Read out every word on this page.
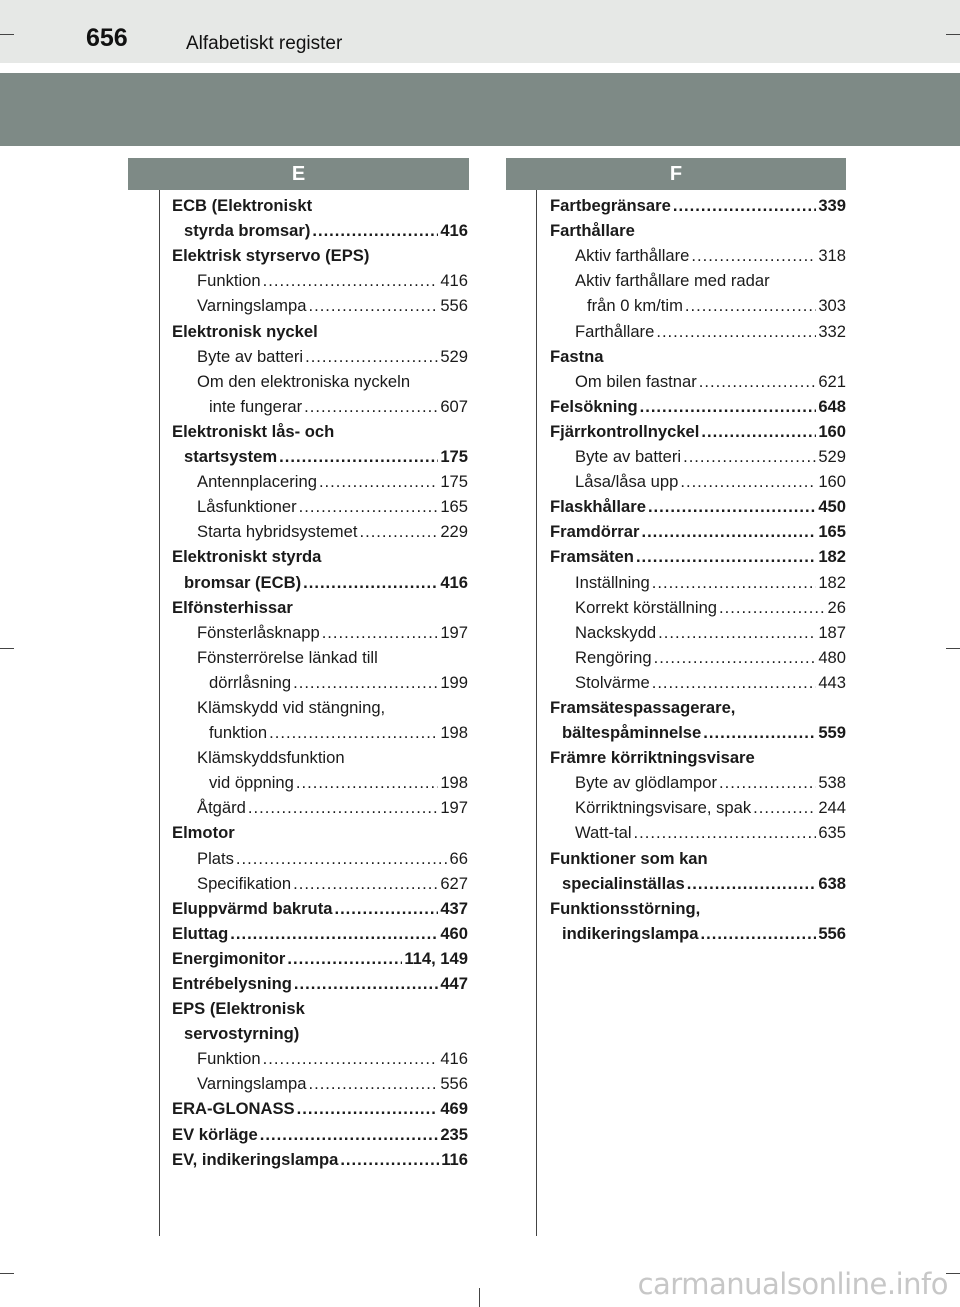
656	Alfabetiskt register
E	F
ECB (Elektroniskt
styrda bromsar) .....	416
Elektrisk styrservo (EPS)
Funktion .....	416
Varningslampa .....	556
Elektronisk nyckel
Byte av batteri .....	529
Om den elektroniska nyckeln
inte fungerar .....	607
Elektroniskt lås- och
startsystem .....	175
Antennplacering .....	175
Låsfunktioner .....	165
Starta hybridsystemet .....	229
Elektroniskt styrda
bromsar (ECB) .....	416
Elfönsterhissar
Fönsterlåsknapp .....	197
Fönsterrörelse länkad till
dörrlåsning .....	199
Klämskydd vid stängning,
funktion .....	198
Klämskyddsfunktion
vid öppning .....	198
Åtgärd .....	197
Elmotor
Plats .....	66
Specifikation .....	627
Eluppvärmd bakruta .....	437
Eluttag .....	460
Energimonitor .....	114, 149
Entrébelysning .....	447
EPS (Elektronisk
servostyrning)
Funktion .....	416
Varningslampa .....	556
ERA-GLONASS .....	469
EV körläge .....	235
EV, indikeringslampa .....	116
Fartbegränsare .....	339
Farthållare
Aktiv farthållare .....	318
Aktiv farthållare med radar
från 0 km/tim .....	303
Farthållare .....	332
Fastna
Om bilen fastnar .....	621
Felsökning .....	648
Fjärrkontrollnyckel .....	160
Byte av batteri .....	529
Låsa/låsa upp .....	160
Flaskhållare .....	450
Framdörrar .....	165
Framsäten .....	182
Inställning .....	182
Korrekt körställning .....	26
Nackskydd .....	187
Rengöring .....	480
Stolvärme .....	443
Framsätespassagerare,
bältespåminnelse .....	559
Främre körriktningsvisare
Byte av glödlampor .....	538
Körriktningsvisare, spak .....	244
Watt-tal .....	635
Funktioner som kan
specialinställas .....	638
Funktionsstörning,
indikeringslampa .....	556
carmanualsonline.info
